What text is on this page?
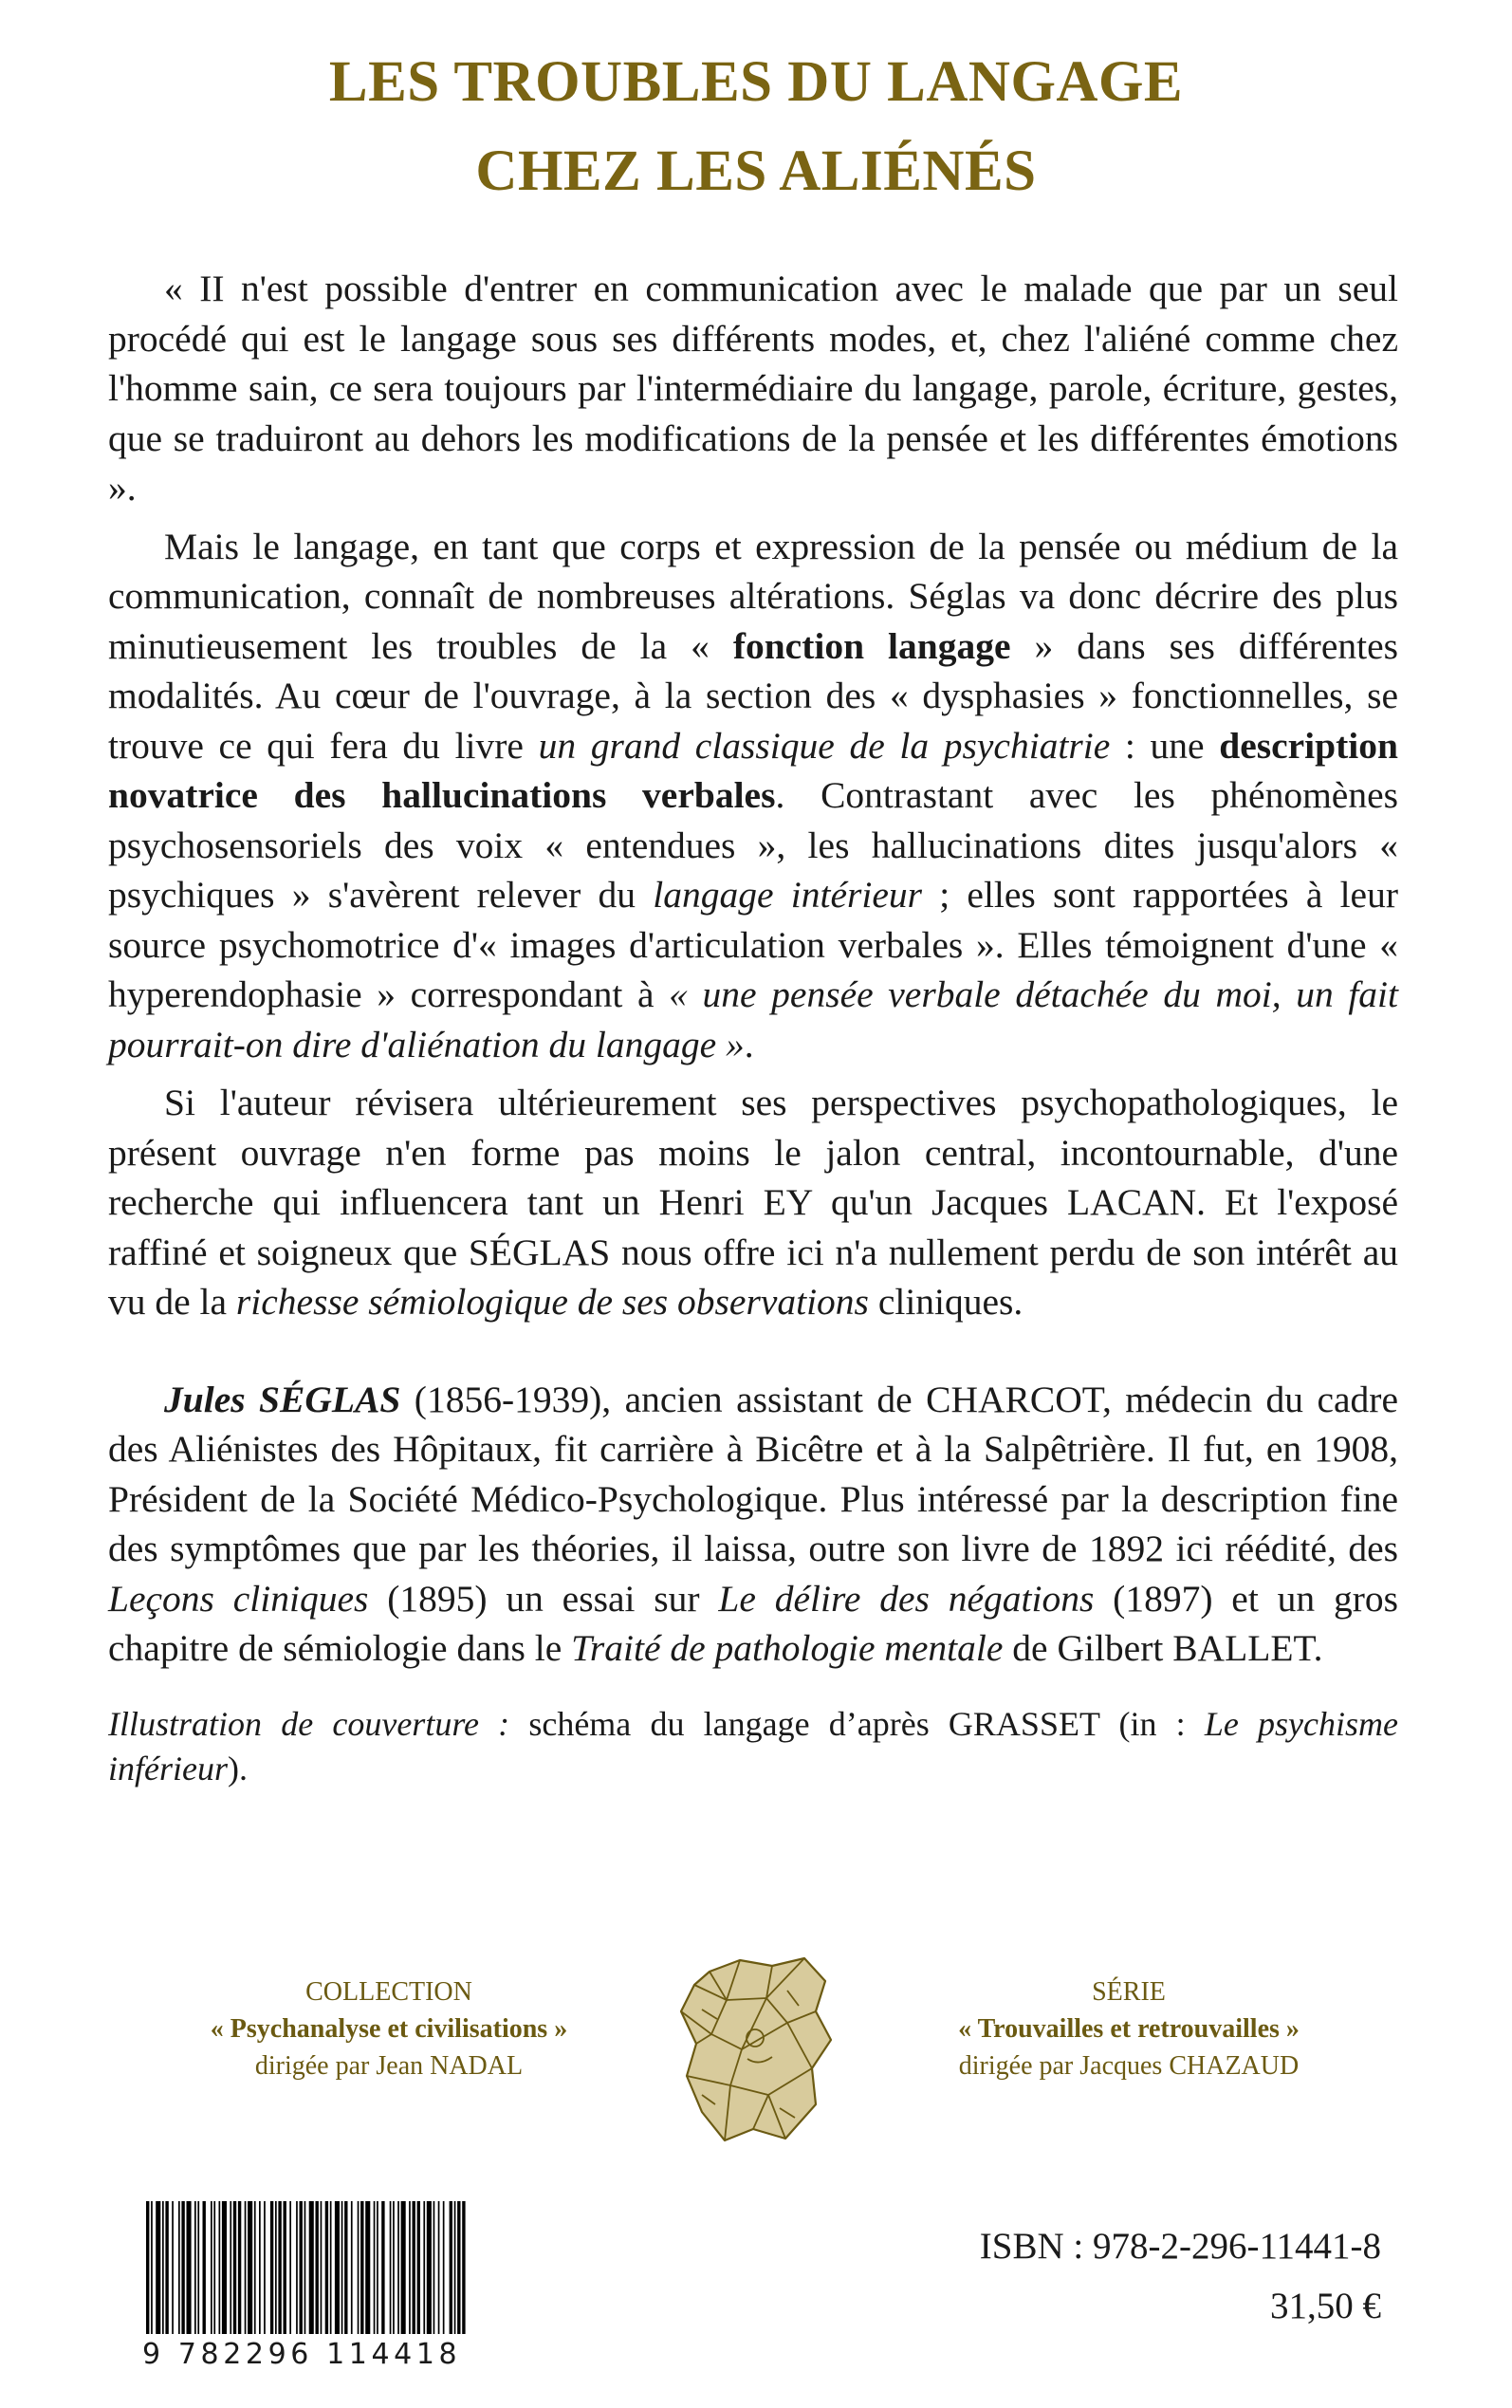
LES TROUBLES DU LANGAGE
CHEZ LES ALIÉNÉS

« II n'est possible d'entrer en communication avec le malade que par un seul procédé qui est le langage sous ses différents modes, et, chez l'aliéné comme chez l'homme sain, ce sera toujours par l'intermédiaire du langage, parole, écriture, gestes, que se traduiront au dehors les modifications de la pensée et les différentes émotions ».

Mais le langage, en tant que corps et expression de la pensée ou médium de la communication, connaît de nombreuses altérations. Séglas va donc décrire des plus minutieusement les troubles de la « fonction langage » dans ses différentes modalités. Au cœur de l'ouvrage, à la section des « dysphasies » fonctionnelles, se trouve ce qui fera du livre un grand classique de la psychiatrie : une description novatrice des hallucinations verbales. Contrastant avec les phénomènes psychosensoriels des voix « entendues », les hallucinations dites jusqu'alors « psychiques » s'avèrent relever du langage intérieur ; elles sont rapportées à leur source psychomotrice d'« images d'articulation verbales ». Elles témoignent d'une « hyperendophasie » correspondant à « une pensée verbale détachée du moi, un fait pourrait-on dire d'aliénation du langage ».

Si l'auteur révisera ultérieurement ses perspectives psychopathologiques, le présent ouvrage n'en forme pas moins le jalon central, incontournable, d'une recherche qui influencera tant un Henri EY qu'un Jacques LACAN. Et l'exposé raffiné et soigneux que SÉGLAS nous offre ici n'a nullement perdu de son intérêt au vu de la richesse sémiologique de ses observations cliniques.

Jules SÉGLAS (1856-1939), ancien assistant de CHARCOT, médecin du cadre des Aliénistes des Hôpitaux, fit carrière à Bicêtre et à la Salpêtrière. Il fut, en 1908, Président de la Société Médico-Psychologique. Plus intéressé par la description fine des symptômes que par les théories, il laissa, outre son livre de 1892 ici réédité, des Leçons cliniques (1895) un essai sur Le délire des négations (1897) et un gros chapitre de sémiologie dans le Traité de pathologie mentale de Gilbert BALLET.

Illustration de couverture : schéma du langage d’après GRASSET (in : Le psychisme inférieur).

COLLECTION
« Psychanalyse et civilisations »
dirigée par Jean NADAL
SÉRIE
« Trouvailles et retrouvailles »
dirigée par Jacques CHAZAUD
9 782296 114418
ISBN : 978-2-296-11441-8
31,50 €
